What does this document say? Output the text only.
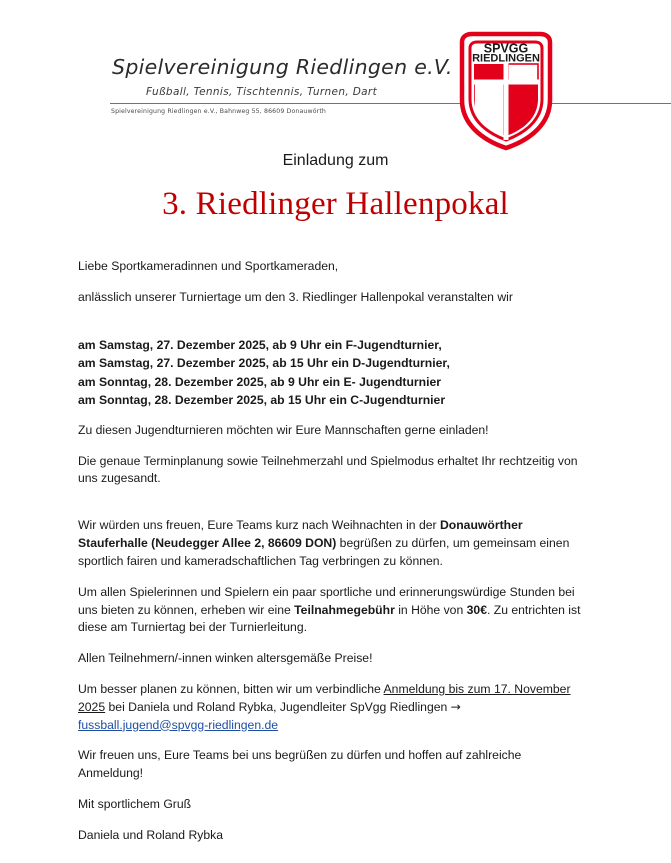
Spielvereinigung Riedlingen e.V.
Fußball, Tennis, Tischtennis, Turnen, Dart
Spielvereinigung Riedlingen e.V., Bahnweg 55, 86609 Donauwörth
SPVGG
RIEDLINGEN
Einladung zum
3. Riedlinger Hallenpokal

Liebe Sportkameradinnen und Sportkameraden,

anlässlich unserer Turniertage um den 3. Riedlinger Hallenpokal veranstalten wir

am Samstag, 27. Dezember 2025, ab 9 Uhr ein F-Jugendturnier,
am Samstag, 27. Dezember 2025, ab 15 Uhr ein D-Jugendturnier,
am Sonntag, 28. Dezember 2025, ab 9 Uhr ein E- Jugendturnier
am Sonntag, 28. Dezember 2025, ab 15 Uhr ein C-Jugendturnier

Zu diesen Jugendturnieren möchten wir Eure Mannschaften gerne einladen!

Die genaue Terminplanung sowie Teilnehmerzahl und Spielmodus erhaltet Ihr rechtzeitig von uns zugesandt.

Wir würden uns freuen, Eure Teams kurz nach Weihnachten in der Donauwörther Stauferhalle (Neudegger Allee 2, 86609 DON) begrüßen zu dürfen, um gemeinsam einen sportlich fairen und kameradschaftlichen Tag verbringen zu können.

Um allen Spielerinnen und Spielern ein paar sportliche und erinnerungswürdige Stunden bei uns bieten zu können, erheben wir eine Teilnahmegebühr in Höhe von 30€. Zu entrichten ist diese am Turniertag bei der Turnierleitung.

Allen Teilnehmern/-innen winken altersgemäße Preise!

Um besser planen zu können, bitten wir um verbindliche Anmeldung bis zum 17. November 2025 bei Daniela und Roland Rybka, Jugendleiter SpVgg Riedlingen →
fussball.jugend@spvgg-riedlingen.de

Wir freuen uns, Eure Teams bei uns begrüßen zu dürfen und hoffen auf zahlreiche Anmeldung!

Mit sportlichem Gruß

Daniela und Roland Rybka
